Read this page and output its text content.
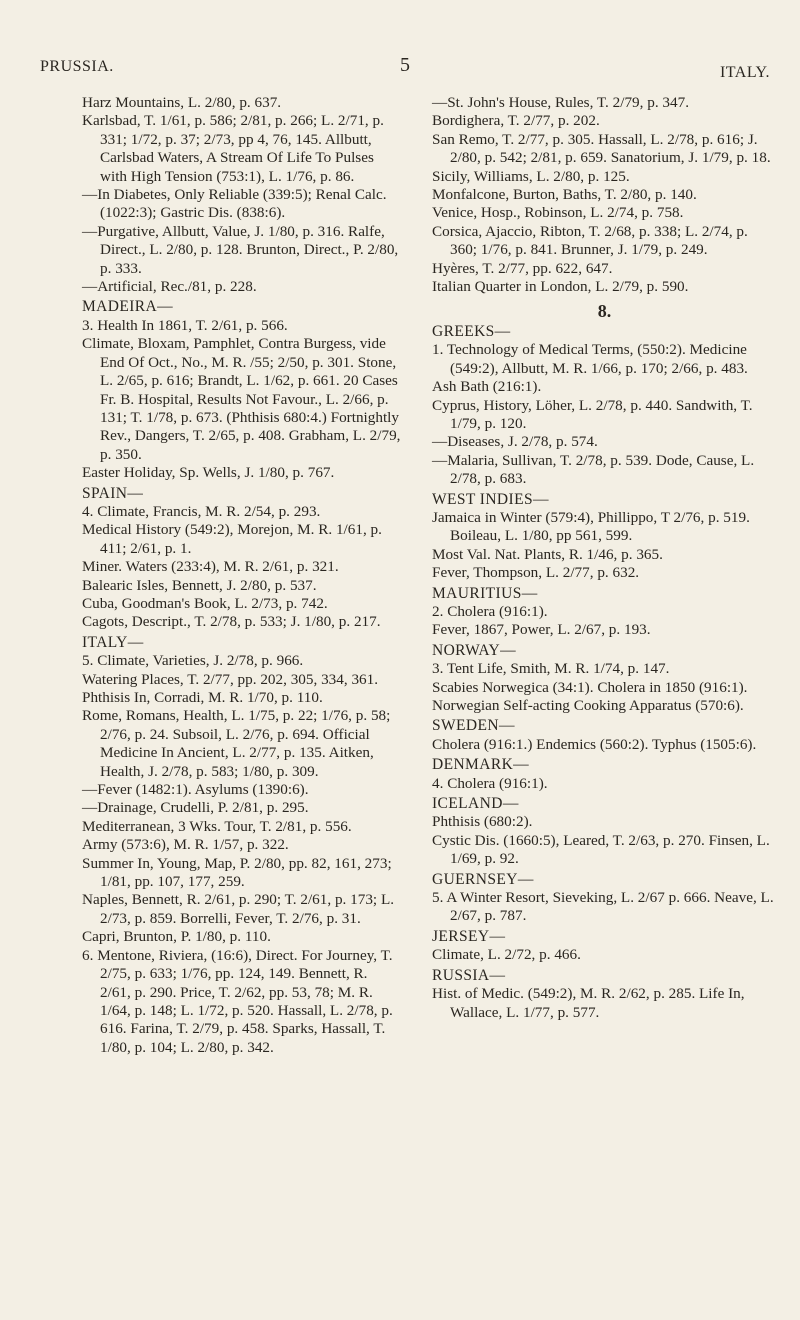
PRUSSIA.	5	ITALY.
Harz Mountains, L. 2/80, p. 637.
Karlsbad, T. 1/61, p. 586; 2/81, p. 266; L. 2/71, p. 331; 1/72, p. 37; 2/73, pp 4, 76, 145. Allbutt, Carlsbad Waters, A Stream Of Life To Pulses with High Tension (753:1), L. 1/76, p. 86.
—In Diabetes, Only Reliable (339:5); Renal Calc. (1022:3); Gastric Dis. (838:6).
—Purgative, Allbutt, Value, J. 1/80, p. 316. Ralfe, Direct., L. 2/80, p. 128. Brunton, Direct., P. 2/80, p. 333.
—Artificial, Rec./81, p. 228.
MADEIRA—
3. Health In 1861, T. 2/61, p. 566.
Climate, Bloxam, Pamphlet, Contra Burgess, vide End Of Oct., No., M. R. /55; 2/50, p. 301. Stone, L. 2/65, p. 616; Brandt, L. 1/62, p. 661. 20 Cases Fr. B. Hospital, Results Not Favour., L. 2/66, p. 131; T. 1/78, p. 673. (Phthisis 680:4.) Fortnightly Rev., Dangers, T. 2/65, p. 408. Grabham, L. 2/79, p. 350.
Easter Holiday, Sp. Wells, J. 1/80, p. 767.
SPAIN—
4. Climate, Francis, M. R. 2/54, p. 293.
Medical History (549:2), Morejon, M. R. 1/61, p. 411; 2/61, p. 1.
Miner. Waters (233:4), M. R. 2/61, p. 321.
Balearic Isles, Bennett, J. 2/80, p. 537.
Cuba, Goodman's Book, L. 2/73, p. 742.
Cagots, Descript., T. 2/78, p. 533; J. 1/80, p. 217.
ITALY—
5. Climate, Varieties, J. 2/78, p. 966.
Watering Places, T. 2/77, pp. 202, 305, 334, 361.
Phthisis In, Corradi, M. R. 1/70, p. 110.
Rome, Romans, Health, L. 1/75, p. 22; 1/76, p. 58; 2/76, p. 24. Subsoil, L. 2/76, p. 694. Official Medicine In Ancient, L. 2/77, p. 135. Aitken, Health, J. 2/78, p. 583; 1/80, p. 309.
—Fever (1482:1). Asylums (1390:6).
—Drainage, Crudelli, P. 2/81, p. 295.
Mediterranean, 3 Wks. Tour, T. 2/81, p. 556.
Army (573:6), M. R. 1/57, p. 322.
Summer In, Young, Map, P. 2/80, pp. 82, 161, 273; 1/81, pp. 107, 177, 259.
Naples, Bennett, R. 2/61, p. 290; T. 2/61, p. 173; L. 2/73, p. 859. Borrelli, Fever, T. 2/76, p. 31.
Capri, Brunton, P. 1/80, p. 110.
6. Mentone, Riviera, (16:6), Direct. For Journey, T. 2/75, p. 633; 1/76, pp. 124, 149. Bennett, R. 2/61, p. 290. Price, T. 2/62, pp. 53, 78; M. R. 1/64, p. 148; L. 1/72, p. 520. Hassall, L. 2/78, p. 616. Farina, T. 2/79, p. 458. Sparks, Hassall, T. 1/80, p. 104; L. 2/80, p. 342.
—St. John's House, Rules, T. 2/79, p. 347.
Bordighera, T. 2/77, p. 202.
San Remo, T. 2/77, p. 305. Hassall, L. 2/78, p. 616; J. 2/80, p. 542; 2/81, p. 659. Sanatorium, J. 1/79, p. 18.
Sicily, Williams, L. 2/80, p. 125.
Monfalcone, Burton, Baths, T. 2/80, p. 140.
Venice, Hosp., Robinson, L. 2/74, p. 758.
Corsica, Ajaccio, Ribton, T. 2/68, p. 338; L. 2/74, p. 360; 1/76, p. 841. Brunner, J. 1/79, p. 249.
Hyères, T. 2/77, pp. 622, 647.
Italian Quarter in London, L. 2/79, p. 590.
8.
GREEKS—
1. Technology of Medical Terms, (550:2). Medicine (549:2), Allbutt, M. R. 1/66, p. 170; 2/66, p. 483.
Ash Bath (216:1).
Cyprus, History, Löher, L. 2/78, p. 440. Sandwith, T. 1/79, p. 120.
—Diseases, J. 2/78, p. 574.
—Malaria, Sullivan, T. 2/78, p. 539. Dode, Cause, L. 2/78, p. 683.
WEST INDIES—
Jamaica in Winter (579:4), Phillippo, T 2/76, p. 519. Boileau, L. 1/80, pp 561, 599.
Most Val. Nat. Plants, R. 1/46, p. 365.
Fever, Thompson, L. 2/77, p. 632.
MAURITIUS—
2. Cholera (916:1).
Fever, 1867, Power, L. 2/67, p. 193.
NORWAY—
3. Tent Life, Smith, M. R. 1/74, p. 147.
Scabies Norwegica (34:1). Cholera in 1850 (916:1).
Norwegian Self-acting Cooking Apparatus (570:6).
SWEDEN—
Cholera (916:1.) Endemics (560:2). Typhus (1505:6).
DENMARK—
4. Cholera (916:1).
ICELAND—
Phthisis (680:2).
Cystic Dis. (1660:5), Leared, T. 2/63, p. 270. Finsen, L. 1/69, p. 92.
GUERNSEY—
5. A Winter Resort, Sieveking, L. 2/67 p. 666. Neave, L. 2/67, p. 787.
JERSEY—
Climate, L. 2/72, p. 466.
RUSSIA—
Hist. of Medic. (549:2), M. R. 2/62, p. 285. Life In, Wallace, L. 1/77, p. 577.
